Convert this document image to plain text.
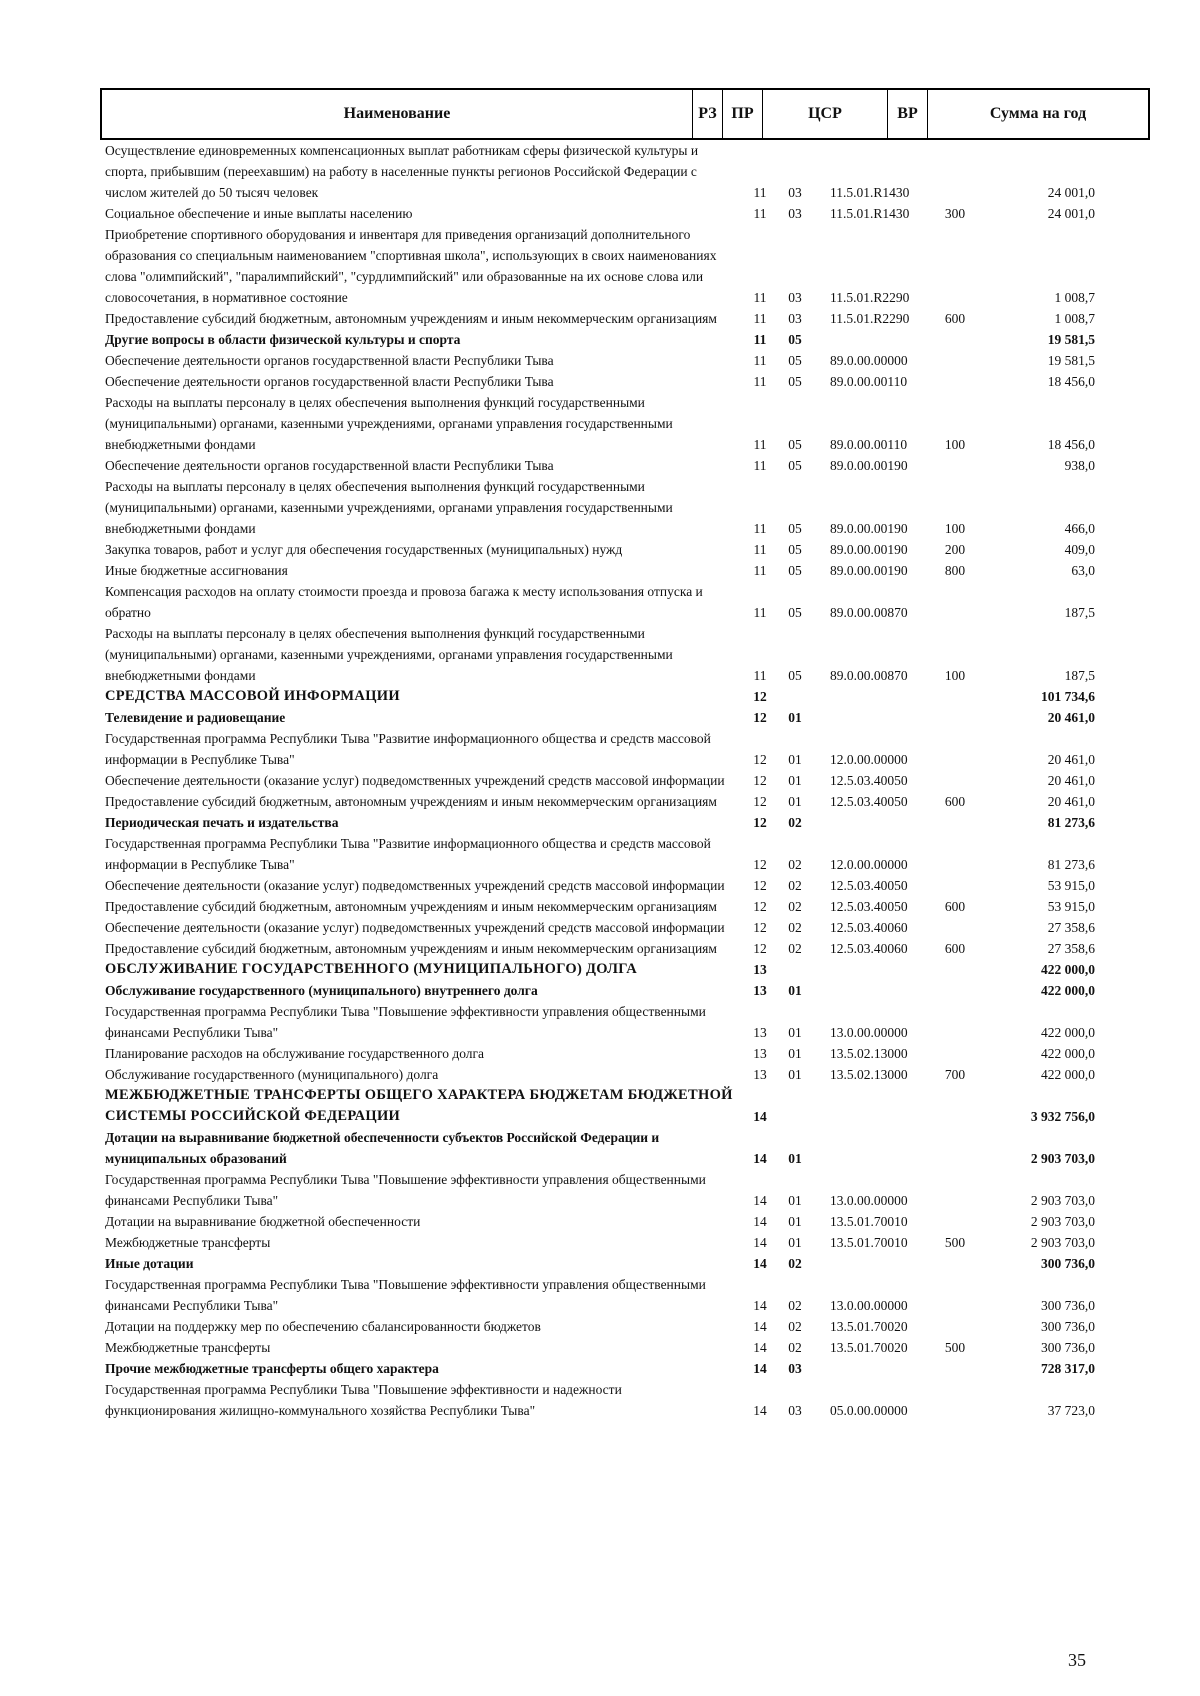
Наименование	РЗ ПР	ЦСР	ВР	Сумма на год
Осуществление единовременных компенсационных выплат работникам сферы физической культуры и спорта, прибывшим (переехавшим) на работу в населенные пункты регионов Российской Федерации с числом жителей до 50 тысяч человек	11	03	11.5.01.R1430	24 001,0
Социальное обеспечение и иные выплаты населению	11	03	11.5.01.R1430	300	24 001,0
Приобретение спортивного оборудования и инвентаря для приведения организаций дополнительного образования со специальным наименованием "спортивная школа", использующих в своих наименованиях слова "олимпийский", "паралимпийский", "сурдлимпийский" или образованные на их основе слова или словосочетания, в нормативное состояние	11	03	11.5.01.R2290	1 008,7
Предоставление субсидий бюджетным, автономным учреждениям и иным некоммерческим организациям	11	03	11.5.01.R2290	600	1 008,7
Другие вопросы в области физической культуры и спорта	11	05	19 581,5
Обеспечение деятельности органов государственной власти Республики Тыва	11	05	89.0.00.00000	19 581,5
Обеспечение деятельности органов государственной власти Республики Тыва	11	05	89.0.00.00110	18 456,0
Расходы на выплаты персоналу в целях обеспечения выполнения функций государственными (муниципальными) органами, казенными учреждениями, органами управления государственными внебюджетными фондами	11	05	89.0.00.00110	100	18 456,0
Обеспечение деятельности органов государственной власти Республики Тыва	11	05	89.0.00.00190	938,0
Расходы на выплаты персоналу в целях обеспечения выполнения функций государственными (муниципальными) органами, казенными учреждениями, органами управления государственными внебюджетными фондами	11	05	89.0.00.00190	100	466,0
Закупка товаров, работ и услуг для обеспечения государственных (муниципальных) нужд	11	05	89.0.00.00190	200	409,0
Иные бюджетные ассигнования	11	05	89.0.00.00190	800	63,0
Компенсация расходов на оплату стоимости проезда и провоза багажа к месту использования отпуска и обратно	11	05	89.0.00.00870	187,5
Расходы на выплаты персоналу в целях обеспечения выполнения функций государственными (муниципальными) органами, казенными учреждениями, органами управления государственными внебюджетными фондами	11	05	89.0.00.00870	100	187,5
СРЕДСТВА МАССОВОЙ ИНФОРМАЦИИ	12	101 734,6
Телевидение и радиовещание	12	01	20 461,0
Государственная программа Республики Тыва "Развитие информационного общества и средств массовой информации в Республике Тыва"	12	01	12.0.00.00000	20 461,0
Обеспечение деятельности (оказание услуг) подведомственных учреждений средств массовой информации	12	01	12.5.03.40050	20 461,0
Предоставление субсидий бюджетным, автономным учреждениям и иным некоммерческим организациям	12	01	12.5.03.40050	600	20 461,0
Периодическая печать и издательства	12	02	81 273,6
Государственная программа Республики Тыва "Развитие информационного общества и средств массовой информации в Республике Тыва"	12	02	12.0.00.00000	81 273,6
Обеспечение деятельности (оказание услуг) подведомственных учреждений средств массовой информации	12	02	12.5.03.40050	53 915,0
Предоставление субсидий бюджетным, автономным учреждениям и иным некоммерческим организациям	12	02	12.5.03.40050	600	53 915,0
Обеспечение деятельности (оказание услуг) подведомственных учреждений средств массовой информации	12	02	12.5.03.40060	27 358,6
Предоставление субсидий бюджетным, автономным учреждениям и иным некоммерческим организациям	12	02	12.5.03.40060	600	27 358,6
ОБСЛУЖИВАНИЕ ГОСУДАРСТВЕННОГО (МУНИЦИПАЛЬНОГО) ДОЛГА	13	422 000,0
Обслуживание государственного (муниципального) внутреннего долга	13	01	422 000,0
Государственная программа Республики Тыва "Повышение эффективности управления общественными финансами Республики Тыва"	13	01	13.0.00.00000	422 000,0
Планирование расходов на обслуживание государственного долга	13	01	13.5.02.13000	422 000,0
Обслуживание государственного (муниципального) долга	13	01	13.5.02.13000	700	422 000,0
МЕЖБЮДЖЕТНЫЕ ТРАНСФЕРТЫ ОБЩЕГО ХАРАКТЕРА БЮДЖЕТАМ БЮДЖЕТНОЙ СИСТЕМЫ РОССИЙСКОЙ ФЕДЕРАЦИИ	14	3 932 756,0
Дотации на выравнивание бюджетной обеспеченности субъектов Российской Федерации и муниципальных образований	14	01	2 903 703,0
Государственная программа Республики Тыва "Повышение эффективности управления общественными финансами Республики Тыва"	14	01	13.0.00.00000	2 903 703,0
Дотации на выравнивание бюджетной обеспеченности	14	01	13.5.01.70010	2 903 703,0
Межбюджетные трансферты	14	01	13.5.01.70010	500	2 903 703,0
Иные дотации	14	02	300 736,0
Государственная программа Республики Тыва "Повышение эффективности управления общественными финансами Республики Тыва"	14	02	13.0.00.00000	300 736,0
Дотации на поддержку мер по обеспечению сбалансированности бюджетов	14	02	13.5.01.70020	300 736,0
Межбюджетные трансферты	14	02	13.5.01.70020	500	300 736,0
Прочие межбюджетные трансферты общего характера	14	03	728 317,0
Государственная программа Республики Тыва "Повышение эффективности и надежности функционирования жилищно-коммунального хозяйства Республики Тыва"	14	03	05.0.00.00000	37 723,0
35
